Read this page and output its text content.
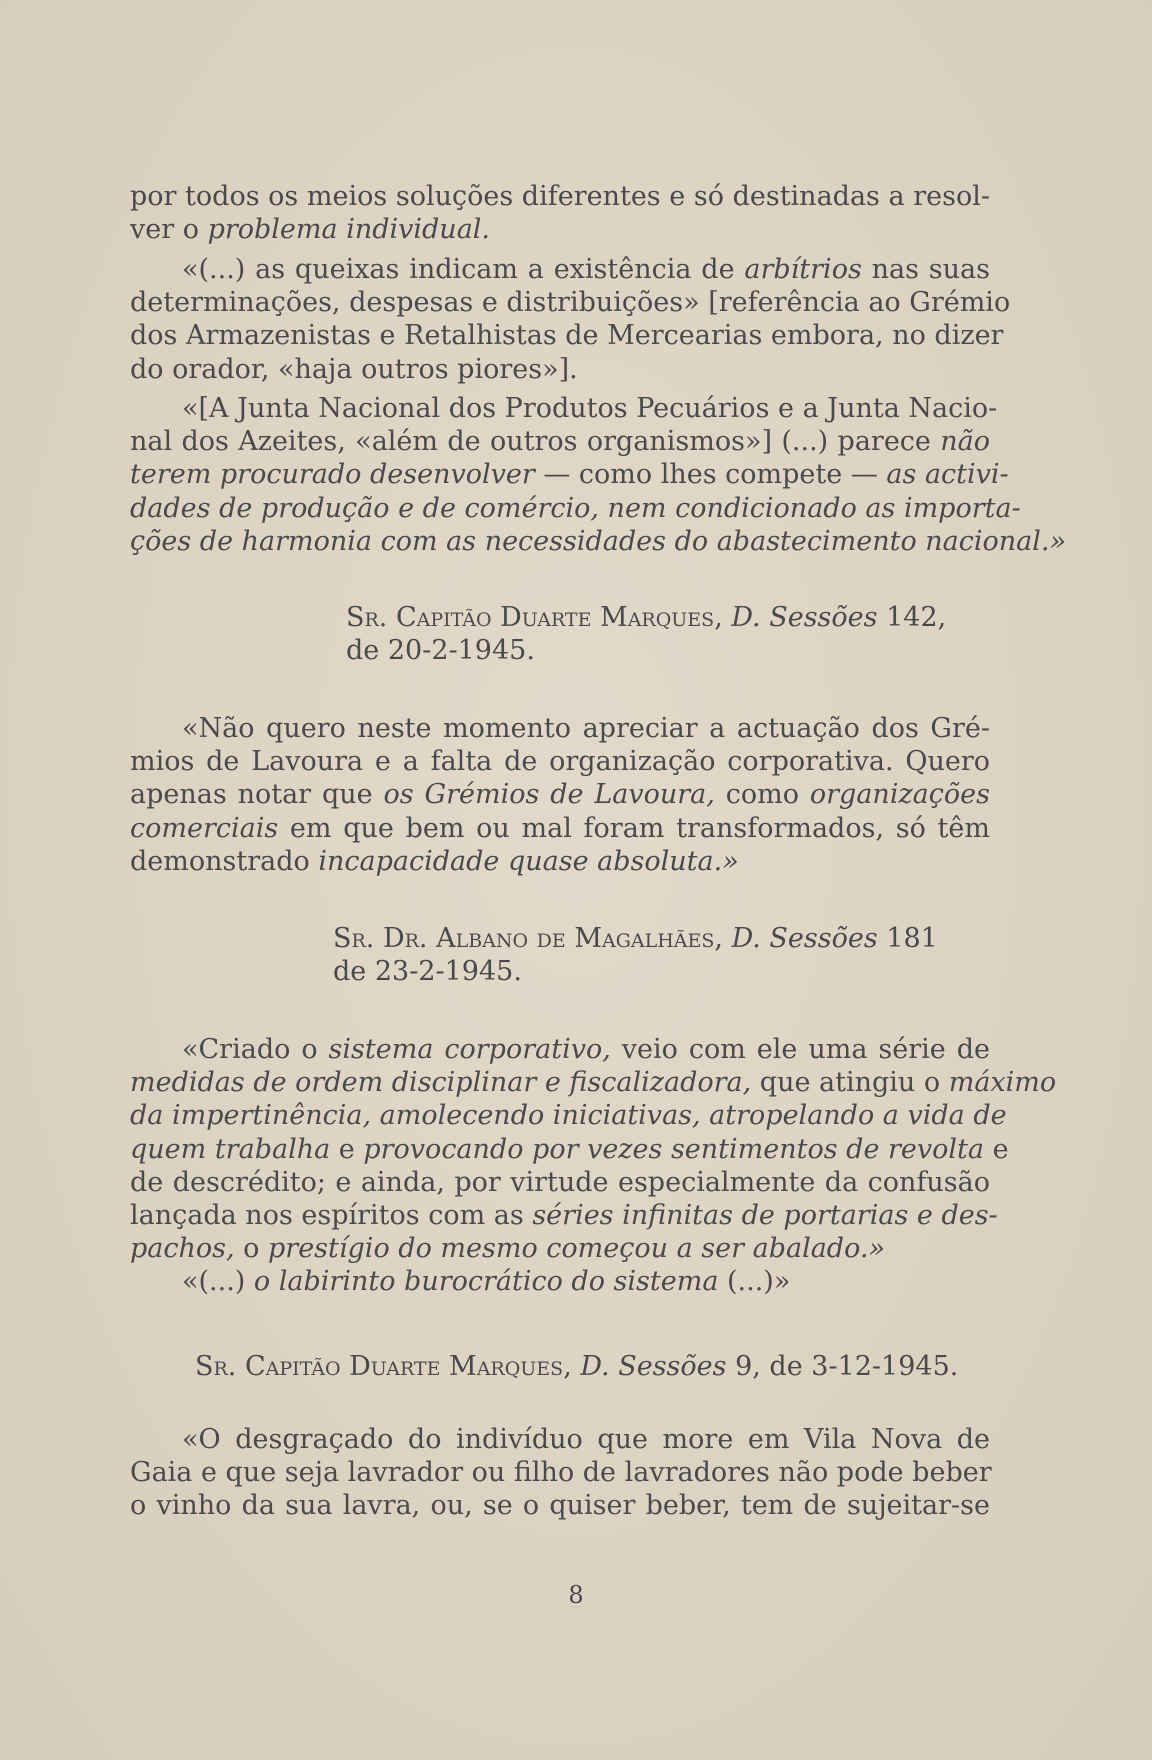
por todos os meios soluções diferentes e só destinadas a resol-
ver o problema individual.

«(...) as queixas indicam a existência de arbítrios nas suas
determinações, despesas e distribuições» [referência ao Grémio
dos Armazenistas e Retalhistas de Mercearias embora, no dizer
do orador, «haja outros piores»].

«[A Junta Nacional dos Produtos Pecuários e a Junta Nacio-
nal dos Azeites, «além de outros organismos»] (...) parece não
terem procurado desenvolver — como lhes compete — as activi-
dades de produção e de comércio, nem condicionado as importa-
ções de harmonia com as necessidades do abastecimento nacional.»

Sr. Capitão Duarte Marques, D. Sessões 142,
de 20-2-1945.

«Não quero neste momento apreciar a actuação dos Gré-
mios de Lavoura e a falta de organização corporativa. Quero
apenas notar que os Grémios de Lavoura, como organizações
comerciais em que bem ou mal foram transformados, só têm
demonstrado incapacidade quase absoluta.»

Sr. Dr. Albano de Magalhães, D. Sessões 181
de 23-2-1945.

«Criado o sistema corporativo, veio com ele uma série de
medidas de ordem disciplinar e fiscalizadora, que atingiu o máximo
da impertinência, amolecendo iniciativas, atropelando a vida de
quem trabalha e provocando por vezes sentimentos de revolta e
de descrédito; e ainda, por virtude especialmente da confusão
lançada nos espíritos com as séries infinitas de portarias e des-
pachos, o prestígio do mesmo começou a ser abalado.»
«(...) o labirinto burocrático do sistema (...)»

Sr. Capitão Duarte Marques, D. Sessões 9, de 3-12-1945.

«O desgraçado do indivíduo que more em Vila Nova de
Gaia e que seja lavrador ou filho de lavradores não pode beber
o vinho da sua lavra, ou, se o quiser beber, tem de sujeitar-se

8
